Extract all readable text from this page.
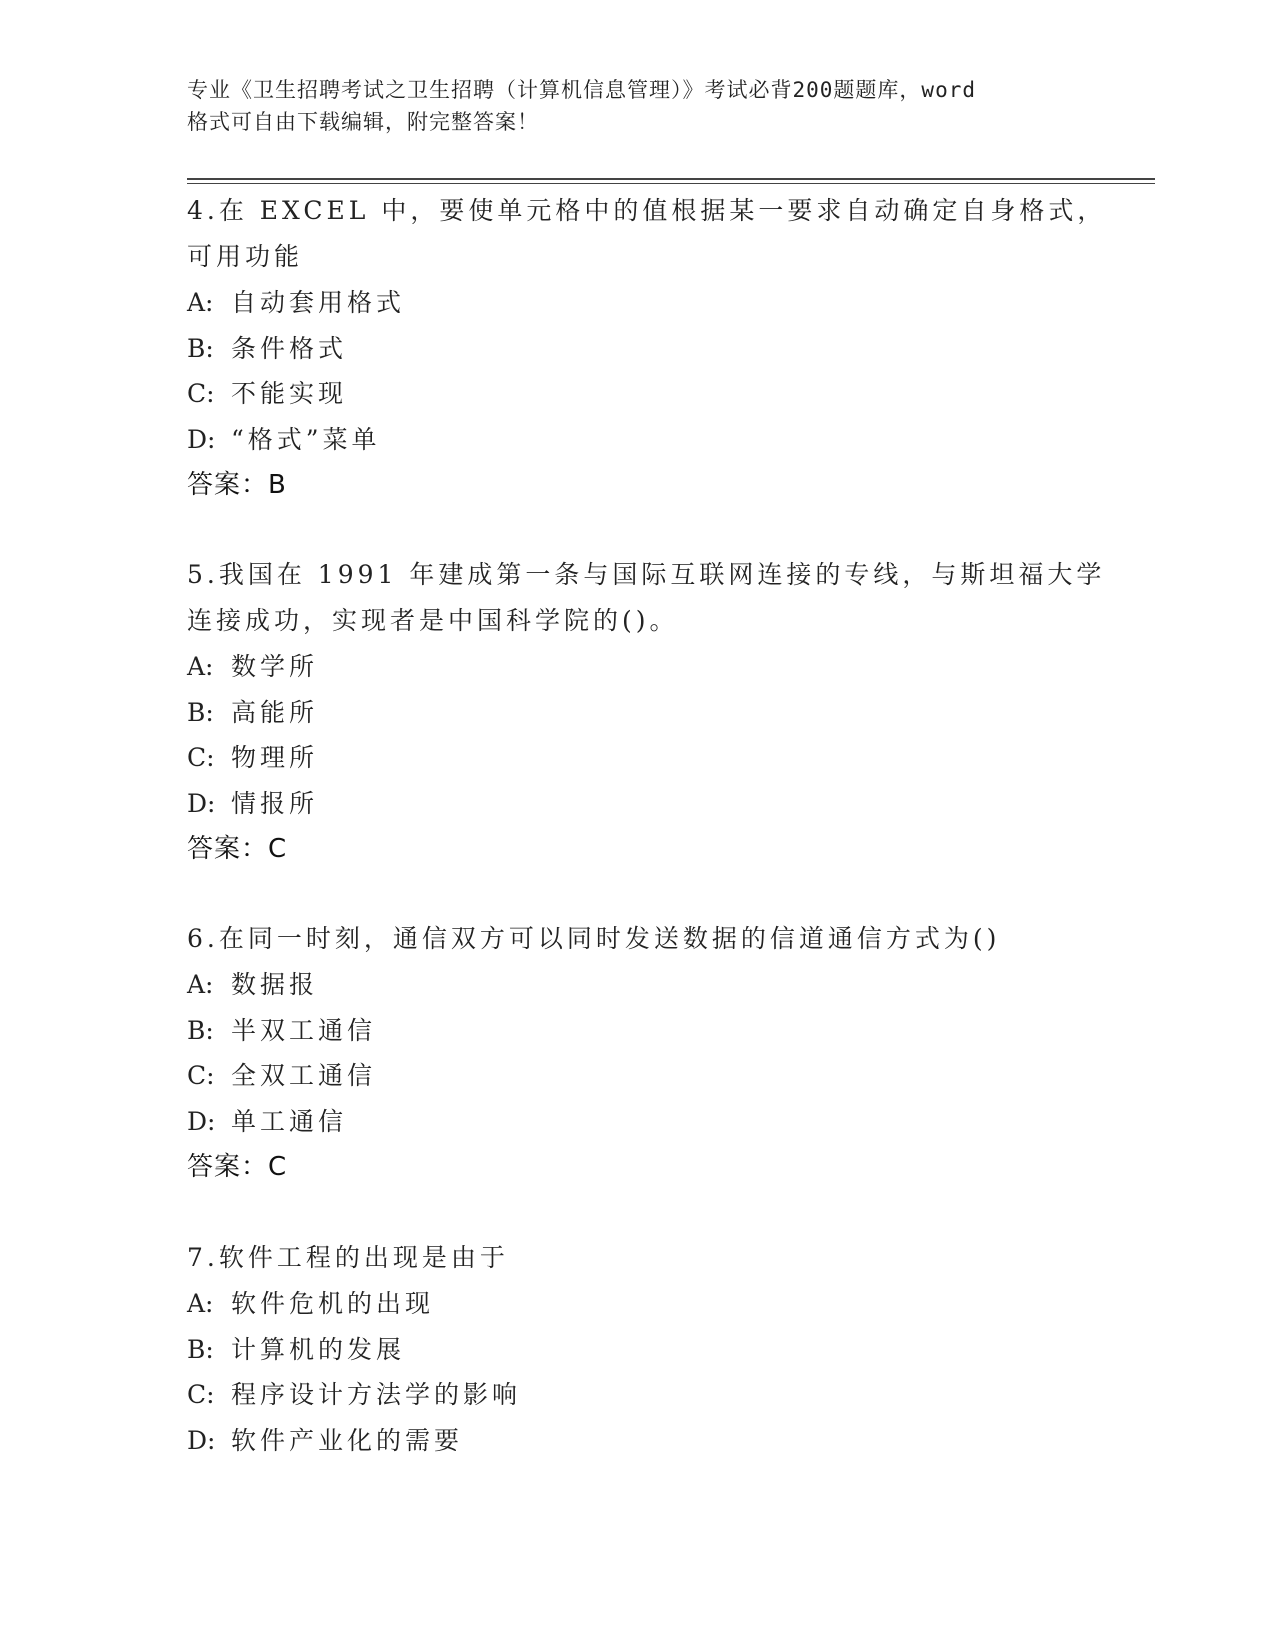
专业《卫生招聘考试之卫生招聘（计算机信息管理）》考试必背200题题库，word
格式可自由下载编辑，附完整答案！
4.在 EXCEL 中，要使单元格中的值根据某一要求自动确定自身格式，
可用功能
A: 自动套用格式
B: 条件格式
C: 不能实现
D: “格式”菜单
答案：B
5.我国在 1991 年建成第一条与国际互联网连接的专线，与斯坦福大学
连接成功，实现者是中国科学院的()。
A: 数学所
B: 高能所
C: 物理所
D: 情报所
答案：C
6.在同一时刻，通信双方可以同时发送数据的信道通信方式为()
A: 数据报
B: 半双工通信
C: 全双工通信
D: 单工通信
答案：C
7.软件工程的出现是由于
A: 软件危机的出现
B: 计算机的发展
C: 程序设计方法学的影响
D: 软件产业化的需要
